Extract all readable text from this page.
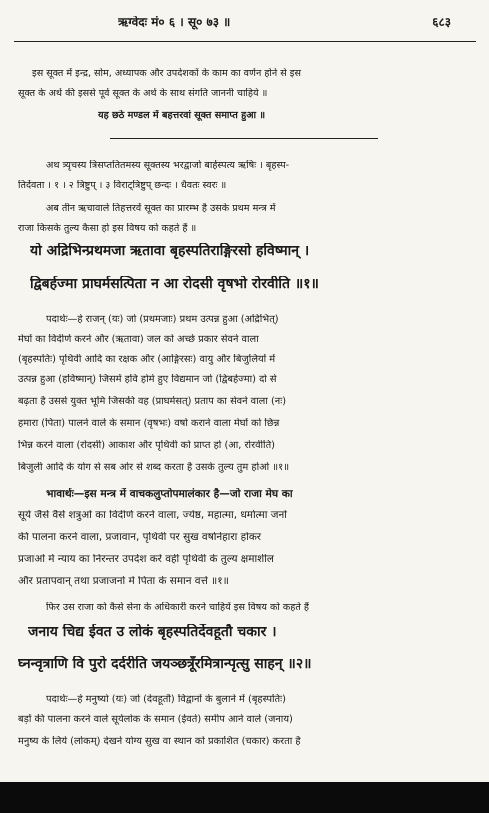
ऋग्वेदः मं० ६ । सू० ७३ ॥	६८३
इस सूक्त में इन्द्र, सोम, अध्यापक और उपदेशकों के काम का वर्णन होने से इस
सूक्त के अर्थ की इससे पूर्व सूक्त के अर्थ के साथ संगति जाननी चाहिये ॥
यह छठे मण्डल में बहत्तरवां सूक्त समाप्त हुआ ॥
अथ त्र्यृचस्य त्रिसप्ततितमस्य सूक्तस्य भरद्वाजो बार्हस्पत्य ऋषिः । बृहस्प-
तिर्देवता । १ । २ त्रिष्टुप् । ३ विराट्त्रिष्टुप् छन्दः । धैवतः स्वरः ॥
अब तीन ऋचावाले तिहत्तरवें सूक्त का प्रारम्भ है उसके प्रथम मन्त्र में
राजा किसके तुल्य कैसा हो इस विषय को कहते हैं ॥
यो अद्रिभिन्प्रथमजा ऋतावा बृहस्पतिराङ्गिरसो हविष्मान् ।
द्विबर्हज्मा प्राघर्मसत्पिता न आ रोदसी वृषभो रोरवीति ॥१॥
पदार्थः—हे राजन् (यः) जो (प्रथमजाः) प्रथम उत्पन्न हुआ (अद्रिभित्)
मेघों का विदीर्ण करने और (ऋतावा) जल को अच्छे प्रकार सेवने वाला
(बृहस्पतिः) पृथिवी आदि का रक्षक और (आङ्गिरसः) वायु और बिजुलियों में
उत्पन्न हुआ (हविष्मान्) जिसमें हवि होमे हुए विद्यमान जो (द्विबर्हज्मा) दो से
बढ़ता है उससे युक्त भूमि जिसकी वह (प्राघर्मसत्) प्रताप का सेवने वाला (नः)
हमारा (पिता) पालने वाले के समान (वृषभः) वर्षा कराने वाला मेघों को छिन्न
भिन्न करने वाला (रोदसी) आकाश और पृथिवी को प्राप्त हो (आ, रोरवीति)
बिजुली आदि के योग से सब ओर से शब्द करता है उसके तुल्य तुम होओ ॥१॥
भावार्थः—इस मन्त्र में वाचकलुप्तोपमालंकार है—जो राजा मेघ का
सूर्य जैसे वैसे शत्रुओं का विदीर्ण करने वाला, ज्येष्ठ, महात्मा, धर्मात्मा जनों
की पालना करने वाला, प्रजावान, पृथिवी पर सुख वर्षानेहारा होकर
प्रजाओं में न्याय का निरन्तर उपदेश करे वही पृथिवी के तुल्य क्षमाशील
और प्रतापवान् तथा प्रजाजनों में पिता के समान वर्त्ते ॥१॥
फिर उस राजा को कैसे सेना के अधिकारी करने चाहियें इस विषय को कहते हैं
जनाय चिद्य ईवत उ लोकं बृहस्पतिर्देवहूतौ चकार ।
घ्नन्वृत्राणि वि पुरो दर्दरीति जयञ्छत्रूँरमित्रान्पृत्सु साहन् ॥२॥
पदार्थः—हे मनुष्यो (यः) जो (देवहूतौ) विद्वानों के बुलाने में (बृहस्पतिः)
बड़ों की पालना करने वाले सूर्यलोक के समान (ईवते) समीप आने वाले (जनाय)
मनुष्य के लिये (लोकम्) देखने योग्य सुख वा स्थान को प्रकाशित (चकार) करता है
